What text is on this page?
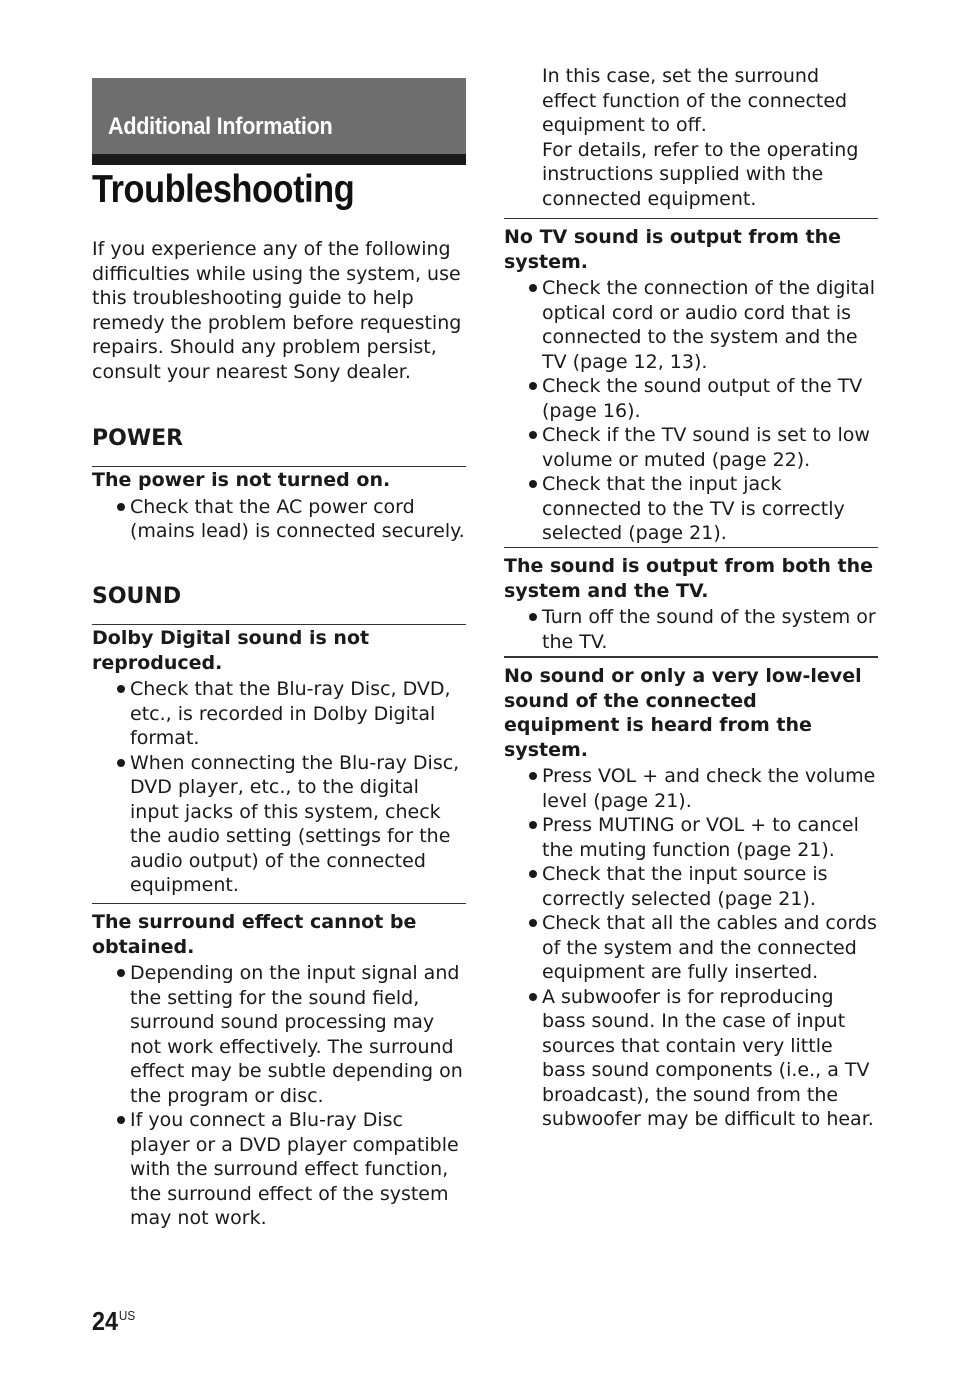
Additional Information
Troubleshooting

If you experience any of the following difficulties while using the system, use this troubleshooting guide to help remedy the problem before requesting repairs. Should any problem persist, consult your nearest Sony dealer.

POWER
The power is not turned on.
Check that the AC power cord (mains lead) is connected securely.
SOUND
Dolby Digital sound is not reproduced.
Check that the Blu-ray Disc, DVD, etc., is recorded in Dolby Digital format.
When connecting the Blu-ray Disc, DVD player, etc., to the digital input jacks of this system, check the audio setting (settings for the audio output) of the connected equipment.
The surround effect cannot be obtained.
Depending on the input signal and the setting for the sound field, surround sound processing may not work effectively. The surround effect may be subtle depending on the program or disc.
If you connect a Blu-ray Disc player or a DVD player compatible with the surround effect function, the surround effect of the system may not work.
In this case, set the surround effect function of the connected equipment to off.
For details, refer to the operating instructions supplied with the connected equipment.
No TV sound is output from the system.
Check the connection of the digital optical cord or audio cord that is connected to the system and the TV (page 12, 13).
Check the sound output of the TV (page 16).
Check if the TV sound is set to low volume or muted (page 22).
Check that the input jack connected to the TV is correctly selected (page 21).
The sound is output from both the system and the TV.
Turn off the sound of the system or the TV.
No sound or only a very low-level sound of the connected equipment is heard from the system.
Press VOL + and check the volume level (page 21).
Press MUTING or VOL + to cancel the muting function (page 21).
Check that the input source is correctly selected (page 21).
Check that all the cables and cords of the system and the connected equipment are fully inserted.
A subwoofer is for reproducing bass sound. In the case of input sources that contain very little bass sound components (i.e., a TV broadcast), the sound from the subwoofer may be difficult to hear.
$24^{US}$
